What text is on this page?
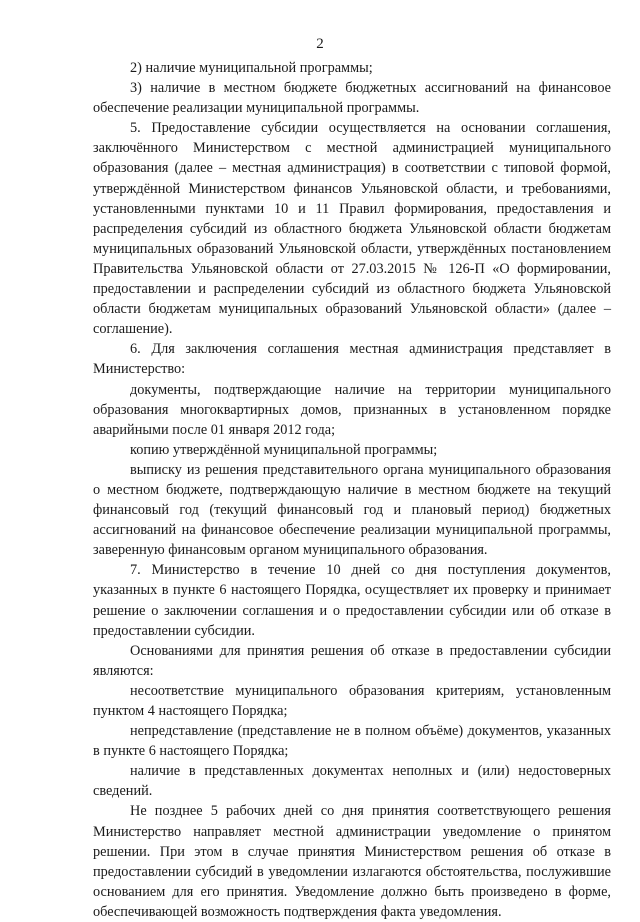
2

2) наличие муниципальной программы;

3) наличие в местном бюджете бюджетных ассигнований на финансовое обеспечение реализации муниципальной программы.

5. Предоставление субсидии осуществляется на основании соглашения, заключённого Министерством с местной администрацией муниципального образования (далее – местная администрация) в соответствии с типовой формой, утверждённой Министерством финансов Ульяновской области, и требованиями, установленными пунктами 10 и 11 Правил формирования, предоставления и распределения субсидий из областного бюджета Ульяновской области бюджетам муниципальных образований Ульяновской области, утверждённых постановлением Правительства Ульяновской области от 27.03.2015 № 126-П «О формировании, предоставлении и распределении субсидий из областного бюджета Ульяновской области бюджетам муниципальных образований Ульяновской области» (далее – соглашение).

6. Для заключения соглашения местная администрация представляет в Министерство:

документы, подтверждающие наличие на территории муниципального образования многоквартирных домов, признанных в установленном порядке аварийными после 01 января 2012 года;

копию утверждённой муниципальной программы;

выписку из решения представительного органа муниципального образования о местном бюджете, подтверждающую наличие в местном бюджете на текущий финансовый год (текущий финансовый год и плановый период) бюджетных ассигнований на финансовое обеспечение реализации муниципальной программы, заверенную финансовым органом муниципального образования.

7. Министерство в течение 10 дней со дня поступления документов, указанных в пункте 6 настоящего Порядка, осуществляет их проверку и принимает решение о заключении соглашения и о предоставлении субсидии или об отказе в предоставлении субсидии.

Основаниями для принятия решения об отказе в предоставлении субсидии являются:

несоответствие муниципального образования критериям, установленным пунктом 4 настоящего Порядка;

непредставление (представление не в полном объёме) документов, указанных в пункте 6 настоящего Порядка;

наличие в представленных документах неполных и (или) недостоверных сведений.

Не позднее 5 рабочих дней со дня принятия соответствующего решения Министерство направляет местной администрации уведомление о принятом решении. При этом в случае принятия Министерством решения об отказе в предоставлении субсидий в уведомлении излагаются обстоятельства, послужившие основанием для его принятия. Уведомление должно быть произведено в форме, обеспечивающей возможность подтверждения факта уведомления.
